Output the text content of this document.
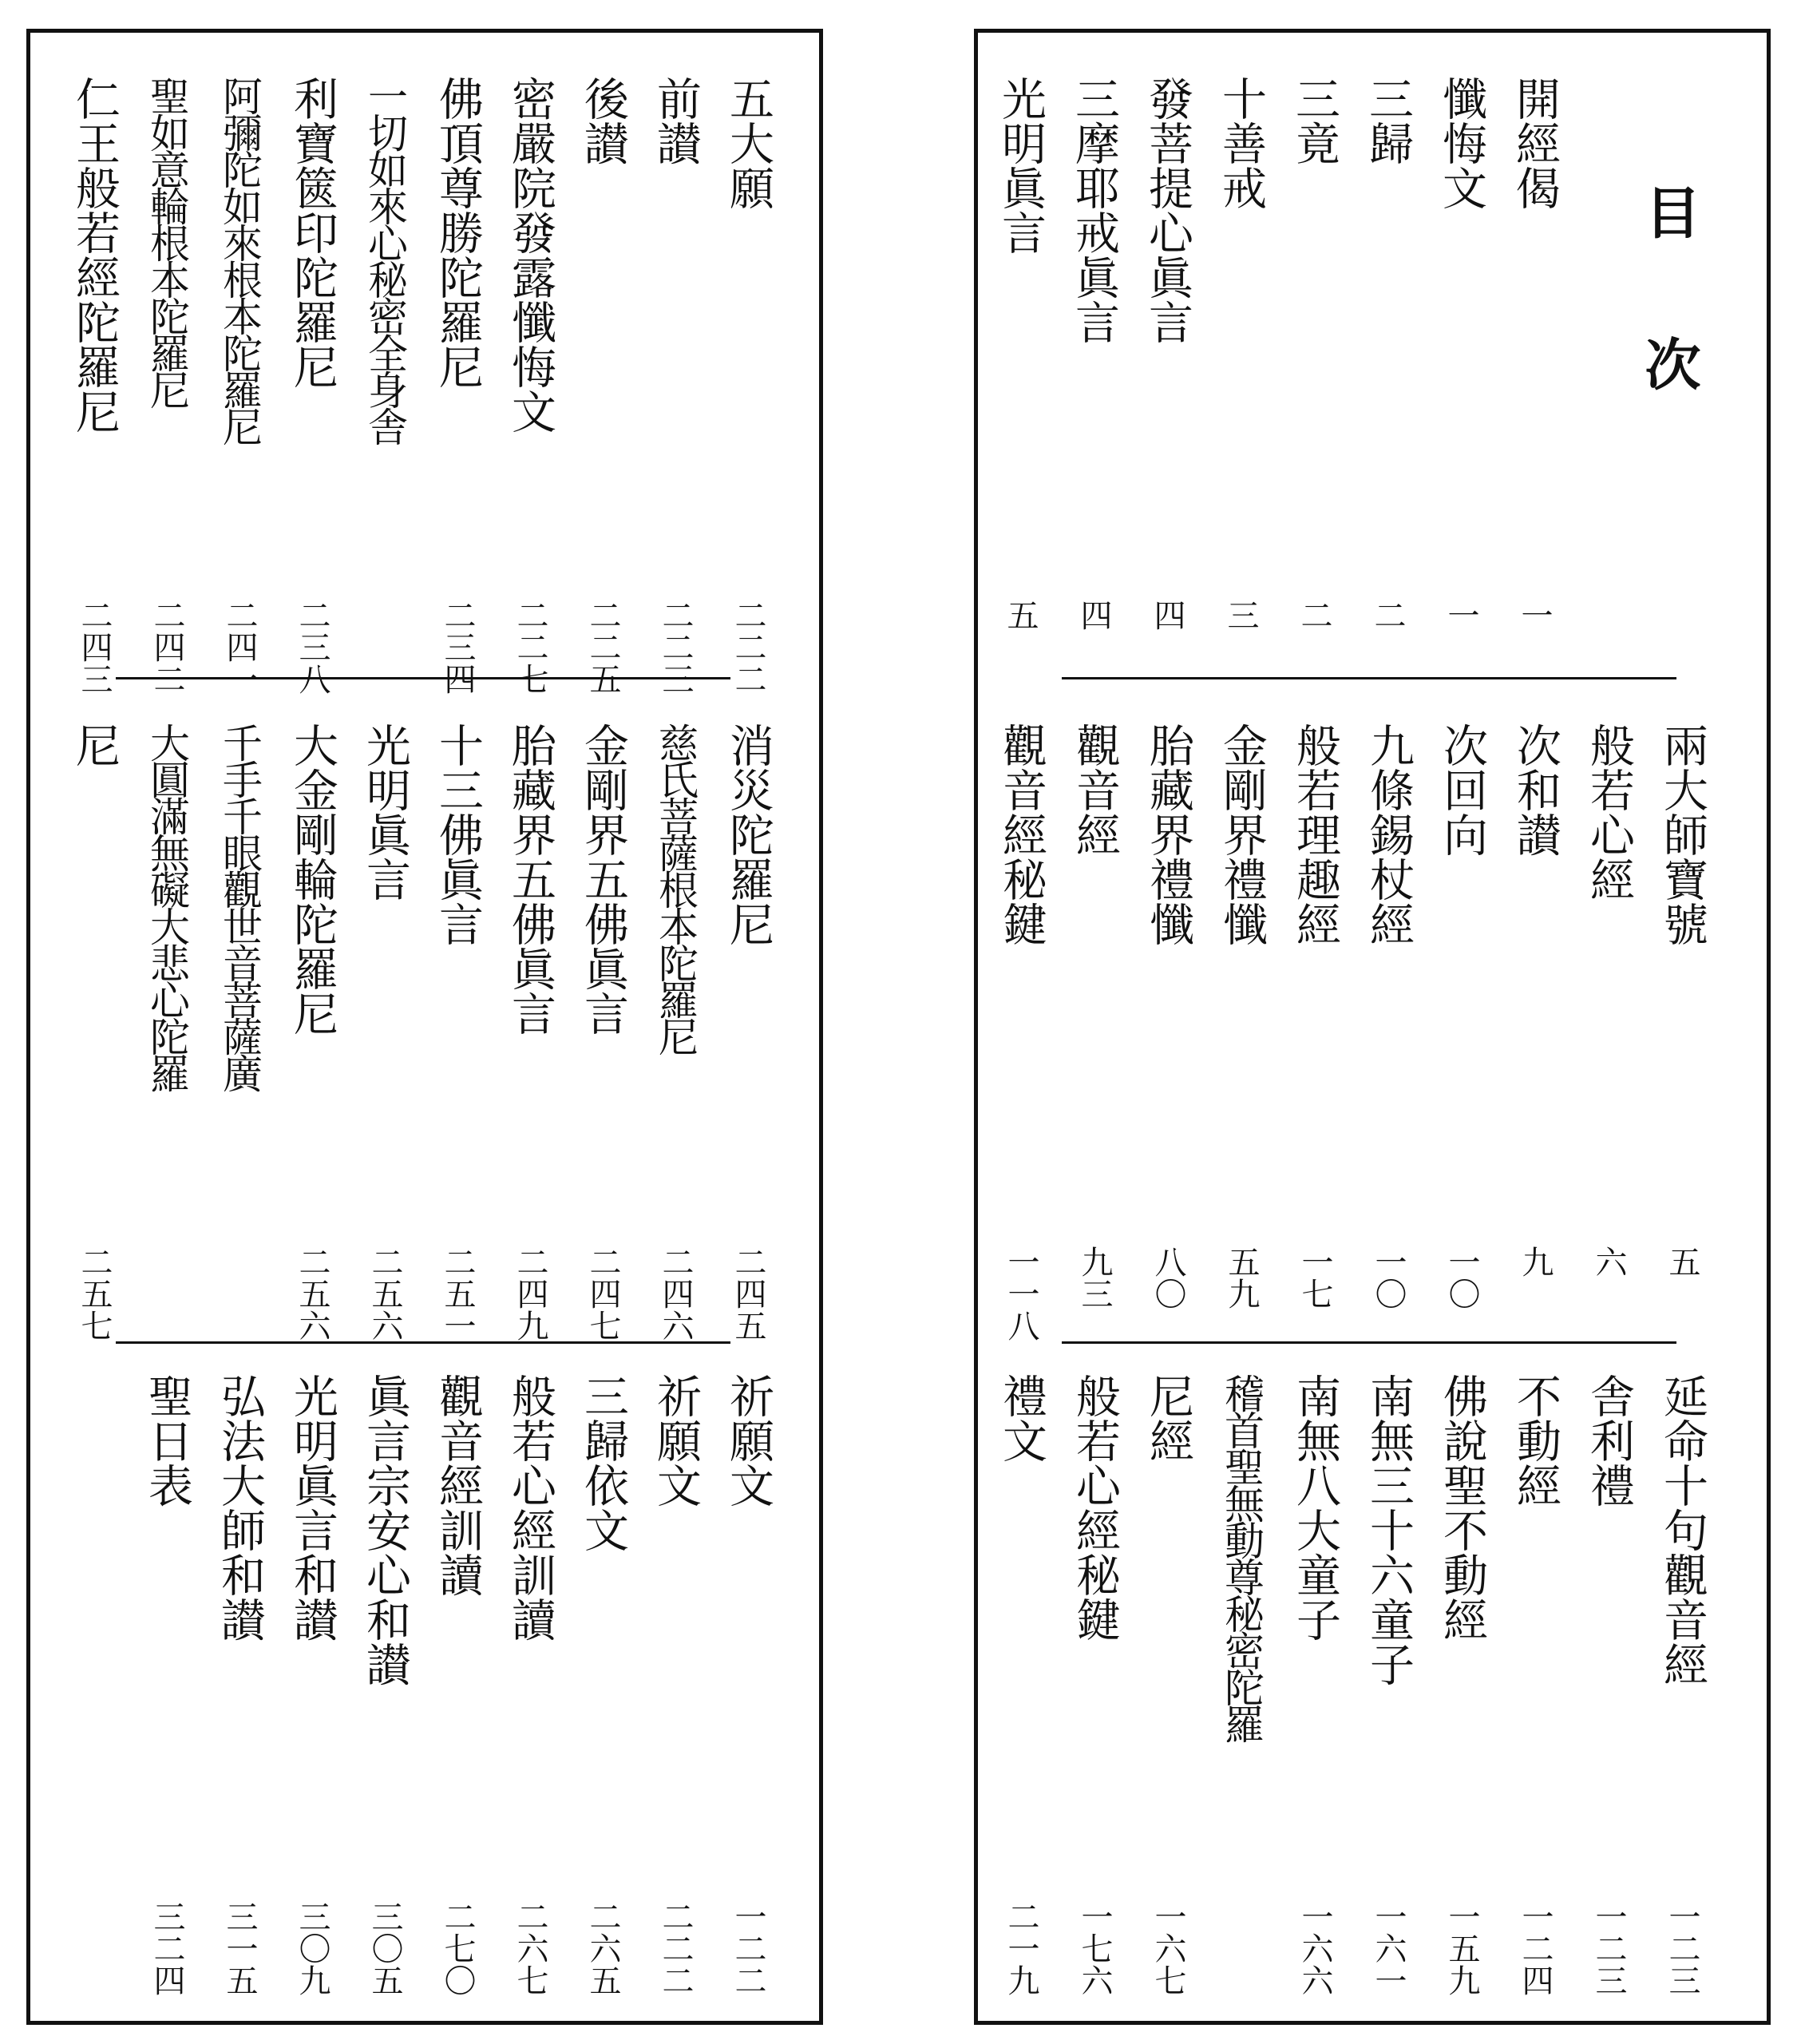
目次
開經偈
一
懺悔文
一
三歸
二
三竟
二
十善戒
三
發菩提心眞言
四
三摩耶戒眞言
四
光明眞言
五
兩大師寶號
五
般若心經
六
次和讃
九
次回向
一〇
九條錫杖經
一〇
般若理趣經
一七
金剛界禮懺
五九
胎藏界禮懺
八〇
觀音經
九三
觀音經秘鍵
一一八
延命十句觀音經
一二三
舎利禮
一二三
不動經
一二四
佛說聖不動經
一五九
南無三十六童子
一六一
南無八大童子
一六六
稽首聖無動尊秘密陀羅
尼經
一六七
般若心經秘鍵
一七六
禮文
二一九
五大願
二二二
前讃
二二三
後讃
二二五
密嚴院發露懺悔文
二二七
佛頂尊勝陀羅尼
二三四
一切如來心秘密全身舎
利寶篋印陀羅尼
二三八
阿彌陀如來根本陀羅尼
二四一
聖如意輪根本陀羅尼
二四二
仁王般若經陀羅尼
二四三
消災陀羅尼
二四五
慈氏菩薩根本陀羅尼
二四六
金剛界五佛眞言
二四七
胎藏界五佛眞言
二四九
十三佛眞言
二五一
光明眞言
二五六
大金剛輪陀羅尼
二五六
千手千眼觀世音菩薩廣
大圓滿無礙大悲心陀羅
尼
二五七
祈願文
一二二
祈願文
二二二
三歸依文
二六五
般若心經訓讀
二六七
觀音經訓讀
二七〇
眞言宗安心和讃
三〇五
光明眞言和讃
三〇九
弘法大師和讃
三一五
聖日表
三二四
